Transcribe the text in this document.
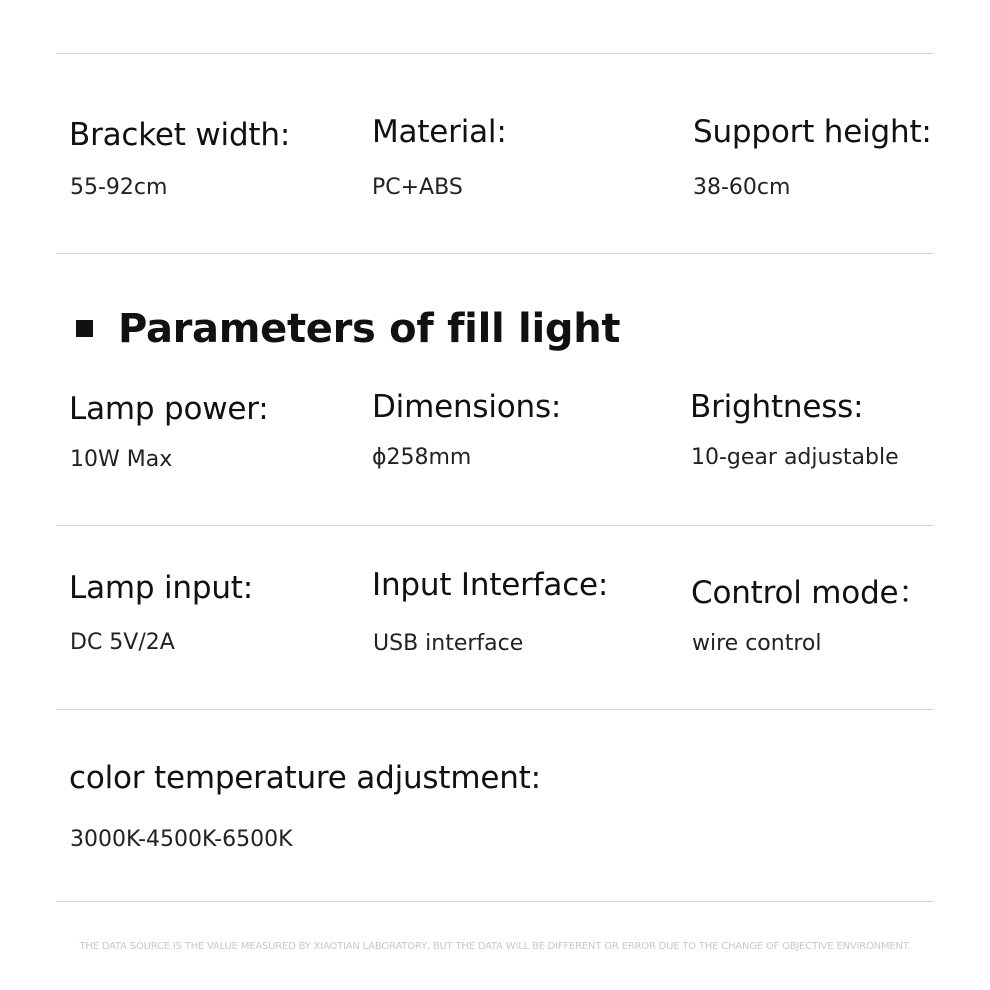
Bracket width:
55-92cm
Material:
PC+ABS
Support height:
38-60cm
Parameters of fill light
Lamp power:
10W Max
Dimensions:
ϕ258mm
Brightness:
10-gear adjustable
Lamp input:
DC 5V/2A
Input Interface:
USB interface
Control mode：
wire control
color temperature adjustment:
3000K-4500K-6500K
THE DATA SOURCE IS THE VALUE MEASURED BY XIAOTIAN LABORATORY, BUT THE DATA WILL BE DIFFERENT OR ERROR DUE TO THE CHANGE OF OBJECTIVE ENVIRONMENT.
